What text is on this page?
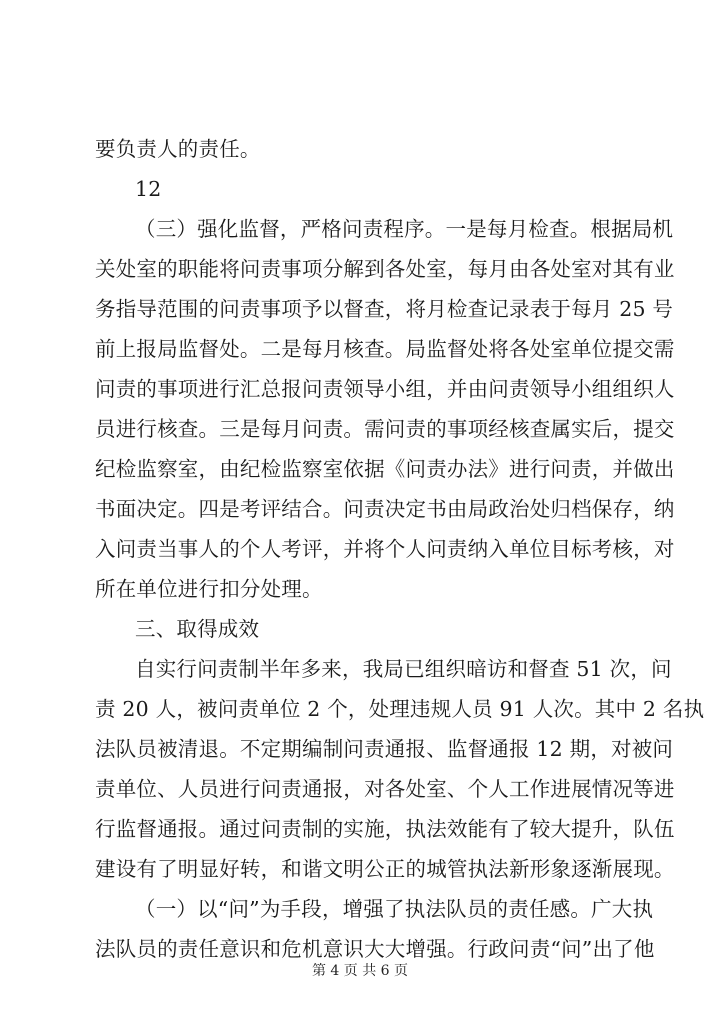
要负责人的责任。
12
（三）强化监督，严格问责程序。一是每月检查。根据局机
关处室的职能将问责事项分解到各处室，每月由各处室对其有业
务指导范围的问责事项予以督查，将月检查记录表于每月 25 号
前上报局监督处。二是每月核查。局监督处将各处室单位提交需
问责的事项进行汇总报问责领导小组，并由问责领导小组组织人
员进行核查。三是每月问责。需问责的事项经核查属实后，提交
纪检监察室，由纪检监察室依据《问责办法》进行问责，并做出
书面决定。四是考评结合。问责决定书由局政治处归档保存，纳
入问责当事人的个人考评，并将个人问责纳入单位目标考核，对
所在单位进行扣分处理。
三、取得成效
自实行问责制半年多来，我局已组织暗访和督查 51 次，问
责 20 人，被问责单位 2 个，处理违规人员 91 人次。其中 2 名执
法队员被清退。不定期编制问责通报、监督通报 12 期，对被问
责单位、人员进行问责通报，对各处室、个人工作进展情况等进
行监督通报。通过问责制的实施，执法效能有了较大提升，队伍
建设有了明显好转，和谐文明公正的城管执法新形象逐渐展现。
（一）以“问”为手段，增强了执法队员的责任感。广大执
法队员的责任意识和危机意识大大增强。行政问责“问”出了他
第 4 页 共 6 页
